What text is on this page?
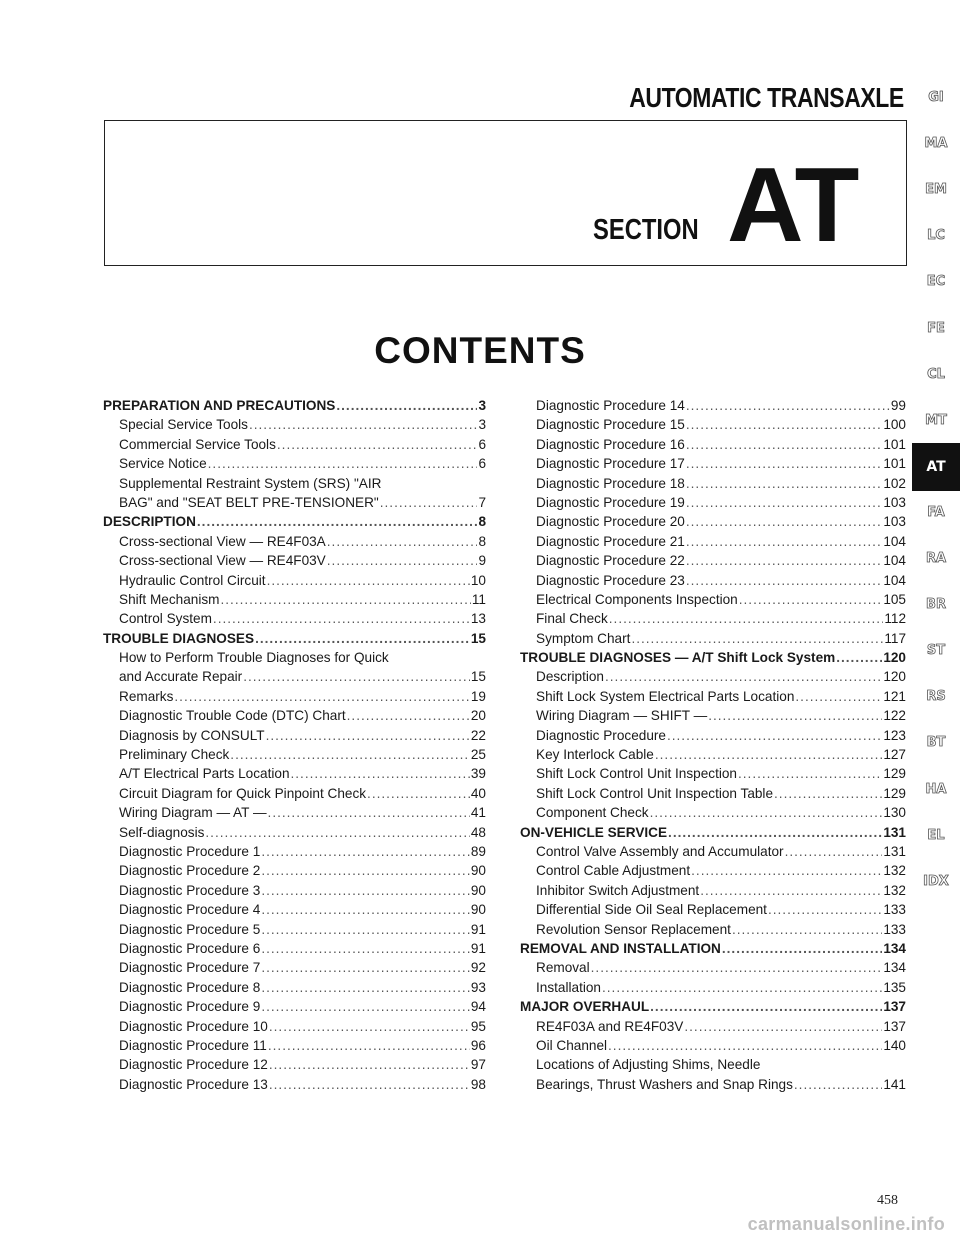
AUTOMATIC TRANSAXLE
SECTION AT
CONTENTS
PREPARATION AND PRECAUTIONS .....	3
Special Service Tools .....	3
Commercial Service Tools .....	6
Service Notice .....	6
Supplemental Restraint System (SRS) "AIR
BAG" and "SEAT BELT PRE-TENSIONER" .....	7
DESCRIPTION .....	8
Cross-sectional View — RE4F03A .....	8
Cross-sectional View — RE4F03V .....	9
Hydraulic Control Circuit .....	10
Shift Mechanism .....	11
Control System .....	13
TROUBLE DIAGNOSES .....	15
How to Perform Trouble Diagnoses for Quick
and Accurate Repair .....	15
Remarks .....	19
Diagnostic Trouble Code (DTC) Chart .....	20
Diagnosis by CONSULT .....	22
Preliminary Check .....	25
A/T Electrical Parts Location .....	39
Circuit Diagram for Quick Pinpoint Check .....	40
Wiring Diagram — AT — .....	41
Self-diagnosis .....	48
Diagnostic Procedure 1 .....	89
Diagnostic Procedure 2 .....	90
Diagnostic Procedure 3 .....	90
Diagnostic Procedure 4 .....	90
Diagnostic Procedure 5 .....	91
Diagnostic Procedure 6 .....	91
Diagnostic Procedure 7 .....	92
Diagnostic Procedure 8 .....	93
Diagnostic Procedure 9 .....	94
Diagnostic Procedure 10 .....	95
Diagnostic Procedure 11 .....	96
Diagnostic Procedure 12 .....	97
Diagnostic Procedure 13 .....	98
Diagnostic Procedure 14 .....	99
Diagnostic Procedure 15 .....	100
Diagnostic Procedure 16 .....	101
Diagnostic Procedure 17 .....	101
Diagnostic Procedure 18 .....	102
Diagnostic Procedure 19 .....	103
Diagnostic Procedure 20 .....	103
Diagnostic Procedure 21 .....	104
Diagnostic Procedure 22 .....	104
Diagnostic Procedure 23 .....	104
Electrical Components Inspection .....	105
Final Check .....	112
Symptom Chart .....	117
TROUBLE DIAGNOSES — A/T Shift Lock System .....	120
Description .....	120
Shift Lock System Electrical Parts Location .....	121
Wiring Diagram — SHIFT — .....	122
Diagnostic Procedure .....	123
Key Interlock Cable .....	127
Shift Lock Control Unit Inspection .....	129
Shift Lock Control Unit Inspection Table .....	129
Component Check .....	130
ON-VEHICLE SERVICE .....	131
Control Valve Assembly and Accumulator .....	131
Control Cable Adjustment .....	132
Inhibitor Switch Adjustment .....	132
Differential Side Oil Seal Replacement .....	133
Revolution Sensor Replacement .....	133
REMOVAL AND INSTALLATION .....	134
Removal .....	134
Installation .....	135
MAJOR OVERHAUL .....	137
RE4F03A and RE4F03V .....	137
Oil Channel .....	140
Locations of Adjusting Shims, Needle
Bearings, Thrust Washers and Snap Rings .....	141
GI
MA
EM
LC
EC
FE
CL
MT
AT
FA
RA
BR
ST
RS
BT
HA
EL
IDX
458
carmanualsonline.info
